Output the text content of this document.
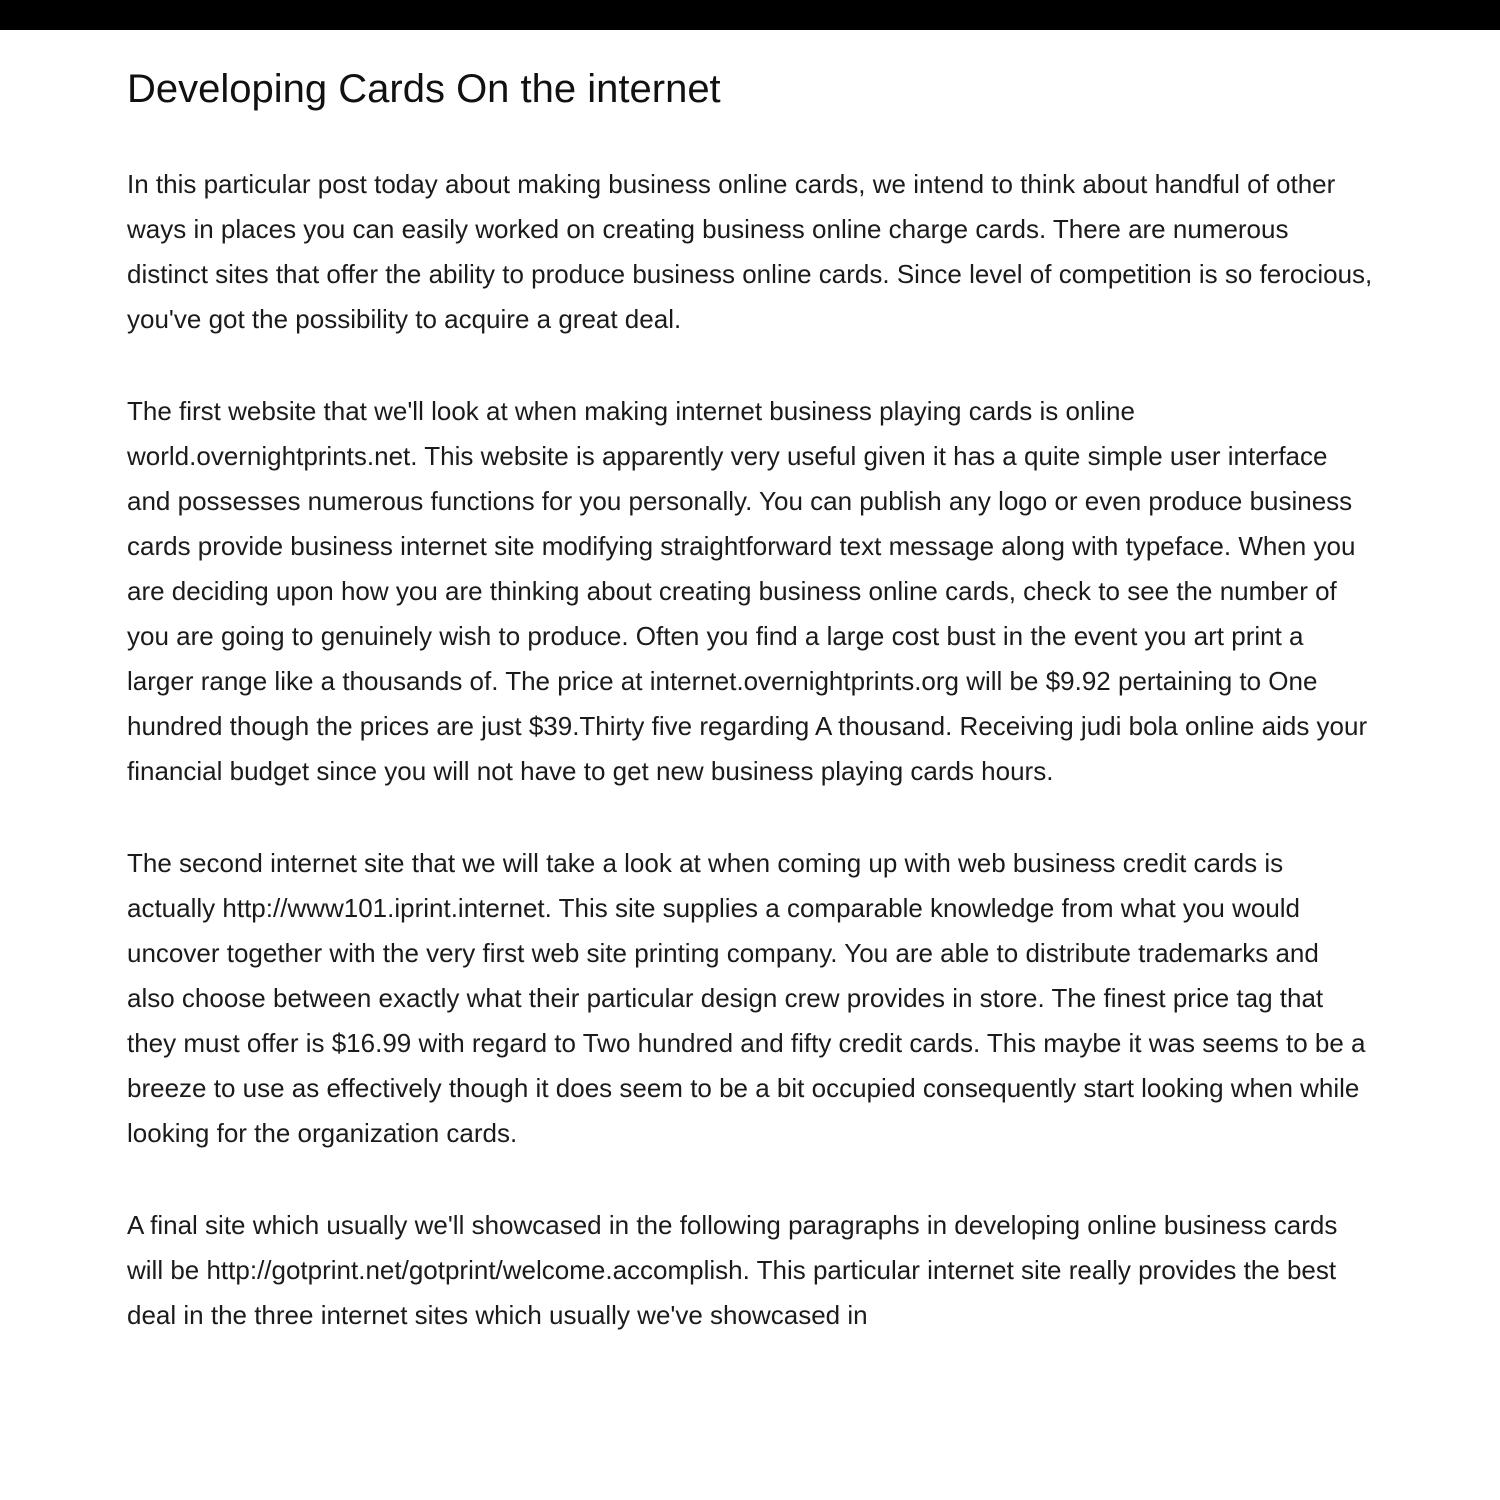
Developing Cards On the internet

In this particular post today about making business online cards, we intend to think about handful of other ways in places you can easily worked on creating business online charge cards. There are numerous distinct sites that offer the ability to produce business online cards. Since level of competition is so ferocious, you've got the possibility to acquire a great deal.

The first website that we'll look at when making internet business playing cards is online world.overnightprints.net. This website is apparently very useful given it has a quite simple user interface and possesses numerous functions for you personally. You can publish any logo or even produce business cards provide business internet site modifying straightforward text message along with typeface. When you are deciding upon how you are thinking about creating business online cards, check to see the number of you are going to genuinely wish to produce. Often you find a large cost bust in the event you art print a larger range like a thousands of. The price at internet.overnightprints.org will be $9.92 pertaining to One hundred though the prices are just $39.Thirty five regarding A thousand. Receiving judi bola online aids your financial budget since you will not have to get new business playing cards hours.

The second internet site that we will take a look at when coming up with web business credit cards is actually http://www101.iprint.internet. This site supplies a comparable knowledge from what you would uncover together with the very first web site printing company. You are able to distribute trademarks and also choose between exactly what their particular design crew provides in store. The finest price tag that they must offer is $16.99 with regard to Two hundred and fifty credit cards. This maybe it was seems to be a breeze to use as effectively though it does seem to be a bit occupied consequently start looking when while looking for the organization cards.

A final site which usually we'll showcased in the following paragraphs in developing online business cards will be http://gotprint.net/gotprint/welcome.accomplish. This particular internet site really provides the best deal in the three internet sites which usually we've showcased in
